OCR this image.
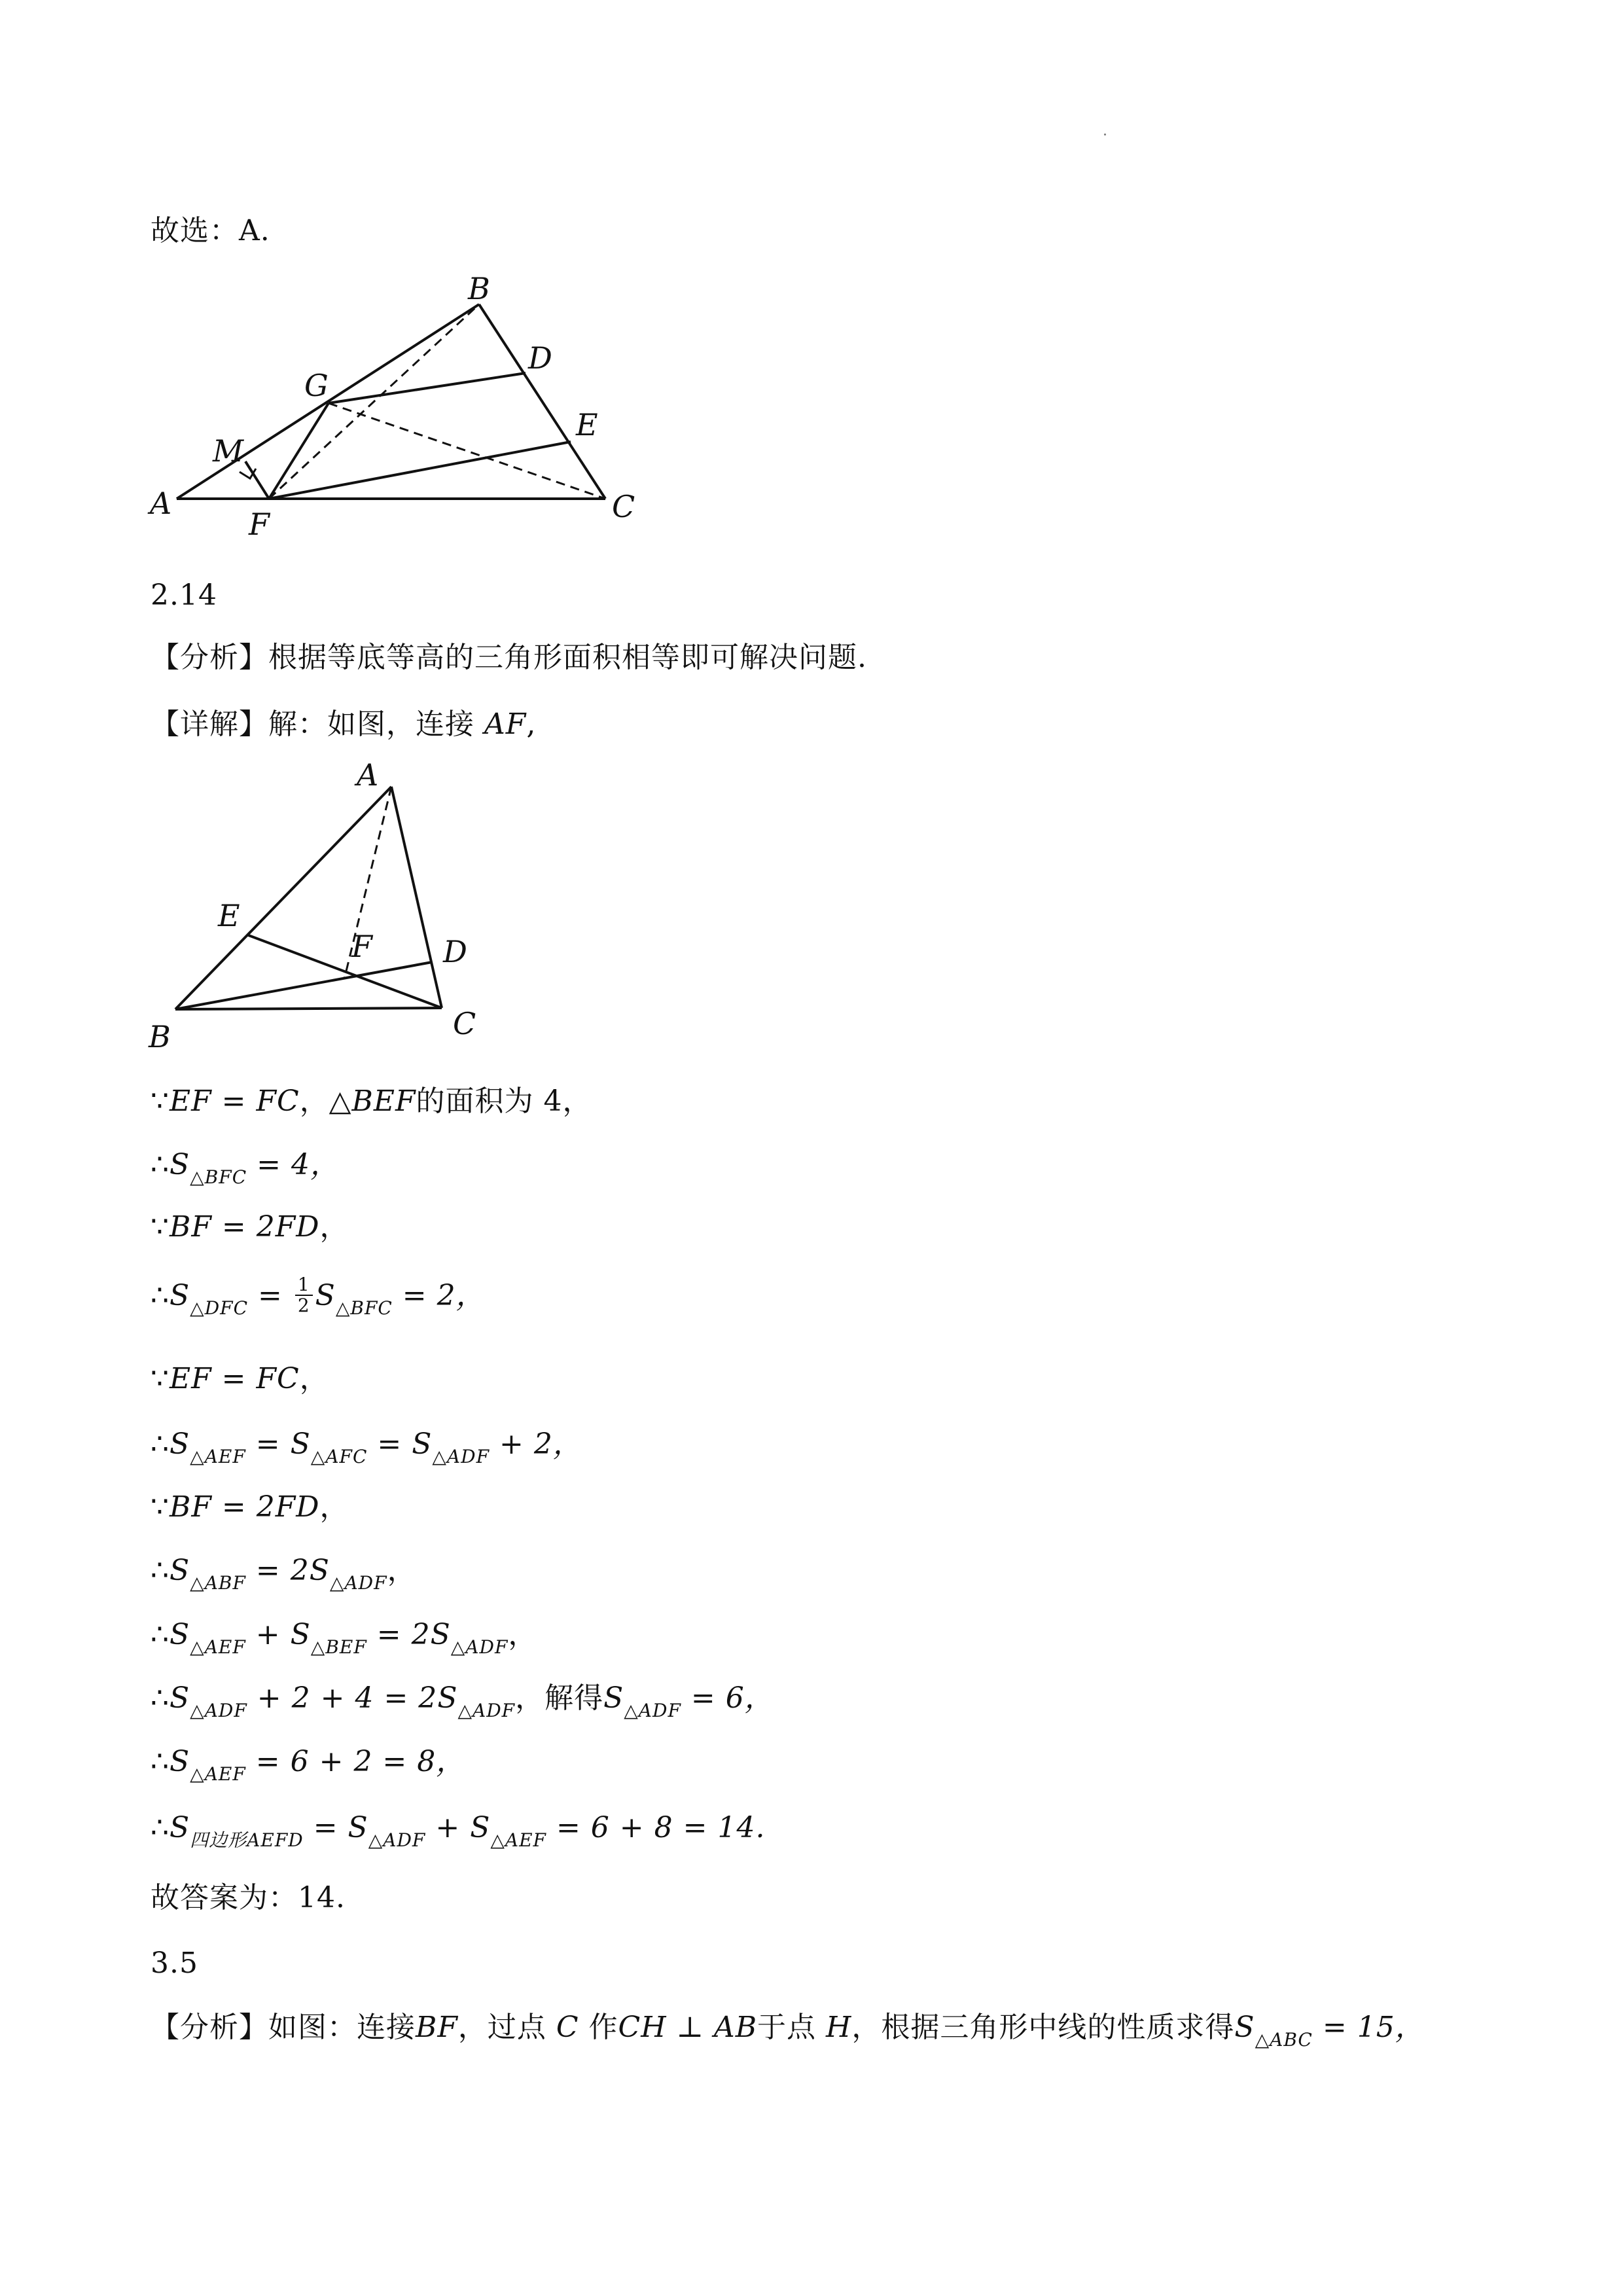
故选：A.
A
B
C
D
E
F
G
M
2.14
【分析】根据等底等高的三角形面积相等即可解决问题.
【详解】解：如图，连接 AF,
A
B	C
D
E
F
∵EF = FC，△BEF的面积为 4，
$\therefore S_{\triangle BFC} = 4$，
∵BF = 2FD，
$\therefore S_{\triangle DFC} = \frac{1}{2} S_{\triangle BFC} = 2$，
∵EF = FC，
$\therefore S_{\triangle AEF} = S_{\triangle AFC} = S_{\triangle ADF} + 2$，
∵BF = 2FD，
$\therefore S_{\triangle ABF} = 2S_{\triangle ADF}$，
$\therefore S_{\triangle AEF} + S_{\triangle BEF} = 2S_{\triangle ADF}$，
$\therefore S_{\triangle ADF} + 2 + 4 = 2S_{\triangle ADF}$，解得$S_{\triangle ADF} = 6$，
$\therefore S_{\triangle AEF} = 6 + 2 = 8$，
$\therefore S_{四边形AEFD} = S_{\triangle ADF} + S_{\triangle AEF} = 6 + 8 = 14$.
故答案为：14.
3.5
【分析】如图：连接BF，过点 C 作CH ⊥ AB于点 H，根据三角形中线的性质求得$S_{\triangle ABC} = 15$，
